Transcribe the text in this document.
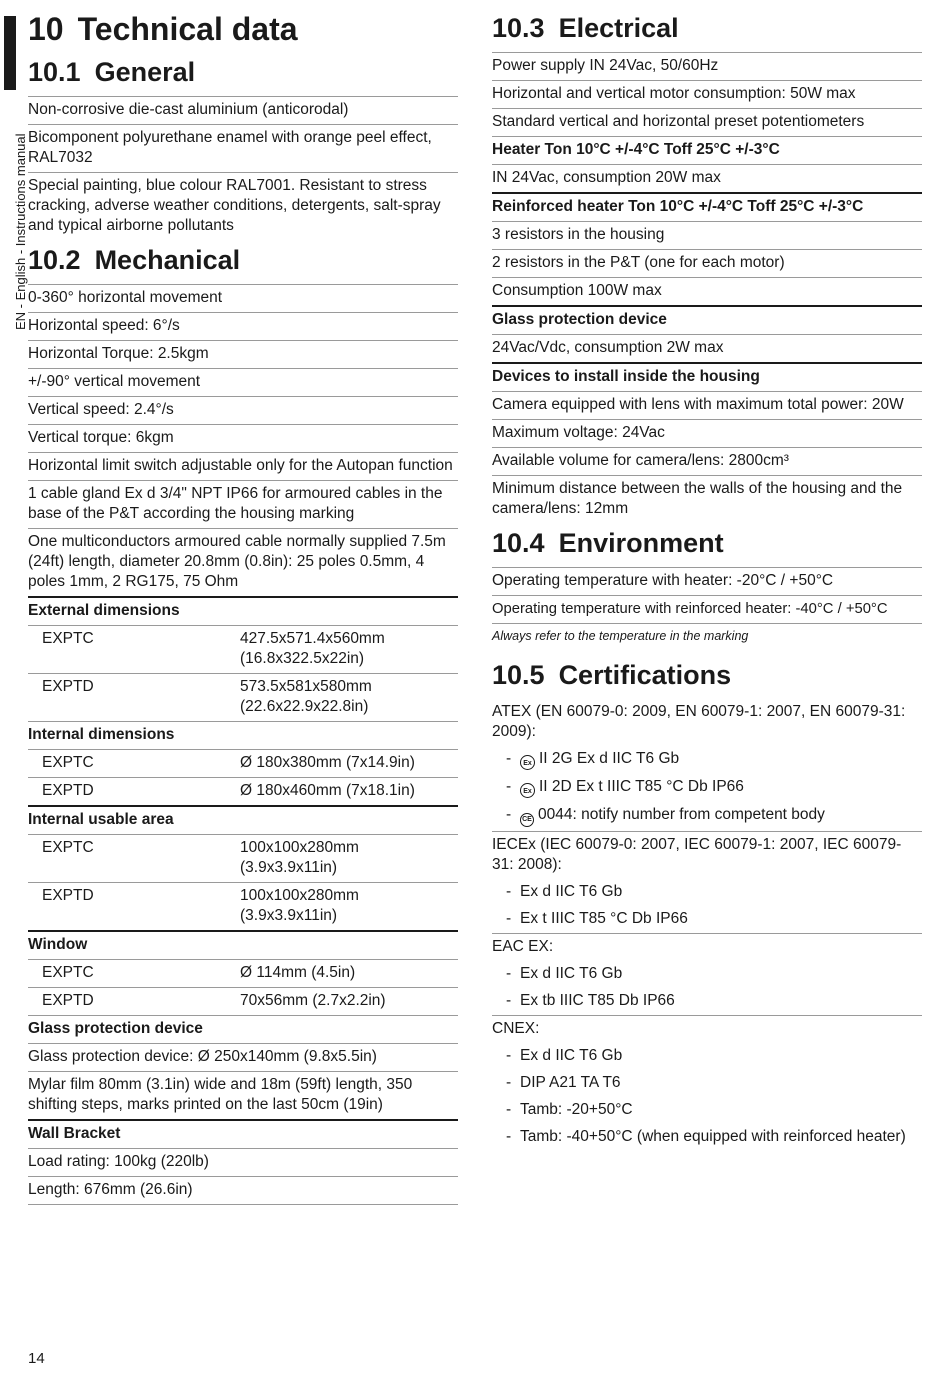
EN - English - Instructions manual
10 Technical data
10.1 General
Non-corrosive die-cast aluminium (anticorodal)
Bicomponent polyurethane enamel with orange peel effect, RAL7032
Special painting, blue colour RAL7001. Resistant to stress cracking, adverse weather conditions, detergents, salt-spray and typical airborne pollutants
10.2 Mechanical
0-360° horizontal movement
Horizontal speed: 6°/s
Horizontal Torque: 2.5kgm
+/-90° vertical movement
Vertical speed: 2.4°/s
Vertical torque: 6kgm
Horizontal limit switch adjustable only for the Autopan function
1 cable gland Ex d 3/4" NPT IP66 for armoured cables in the base of the P&T according the housing marking
One multiconductors armoured cable normally supplied 7.5m (24ft) length, diameter 20.8mm (0.8in): 25 poles 0.5mm, 4 poles 1mm, 2 RG175, 75 Ohm
External dimensions
EXPTC	427.5x571.4x560mm (16.8x322.5x22in)
EXPTD	573.5x581x580mm (22.6x22.9x22.8in)
Internal dimensions
EXPTC	Ø 180x380mm (7x14.9in)
EXPTD	Ø 180x460mm (7x18.1in)
Internal usable area
EXPTC	100x100x280mm (3.9x3.9x11in)
EXPTD	100x100x280mm (3.9x3.9x11in)
Window
EXPTC	Ø 114mm (4.5in)
EXPTD	70x56mm (2.7x2.2in)
Glass protection device
Glass protection device: Ø 250x140mm (9.8x5.5in)
Mylar film 80mm (3.1in) wide and 18m (59ft) length, 350 shifting steps, marks printed on the last 50cm (19in)
Wall Bracket
Load rating: 100kg (220lb)
Length: 676mm (26.6in)
10.3 Electrical
Power supply IN 24Vac, 50/60Hz
Horizontal and vertical motor consumption: 50W max
Standard vertical and horizontal preset potentiometers
Heater Ton 10°C +/-4°C Toff 25°C +/-3°C
IN 24Vac, consumption 20W max
Reinforced heater Ton 10°C +/-4°C Toff 25°C +/-3°C
3 resistors in the housing
2 resistors in the P&T (one for each motor)
Consumption 100W max
Glass protection device
24Vac/Vdc, consumption 2W max
Devices to install inside the housing
Camera equipped with lens with maximum total power: 20W
Maximum voltage: 24Vac
Available volume for camera/lens: 2800cm³
Minimum distance between the walls of the housing and the camera/lens: 12mm
10.4 Environment
Operating temperature with heater: -20°C / +50°C
Operating temperature with reinforced heater: -40°C / +50°C
Always refer to the temperature in the marking
10.5 Certifications
ATEX (EN 60079-0: 2009, EN 60079-1: 2007, EN 60079-31: 2009):
-	Ex II 2G Ex d IIC T6 Gb
-	Ex II 2D Ex t IIIC T85 °C Db IP66
-	CE 0044: notify number from competent body
IECEx (IEC 60079-0: 2007, IEC 60079-1: 2007, IEC 60079-31: 2008):
- Ex d IIC T6 Gb
- Ex t IIIC T85 °C Db IP66
EAC EX:
- Ex d IIC T6 Gb
- Ex tb IIIC T85 Db IP66
CNEX:
- Ex d IIC T6 Gb
- DIP A21 TA T6
- Tamb: -20+50°C
- Tamb: -40+50°C (when equipped with reinforced heater)
14
